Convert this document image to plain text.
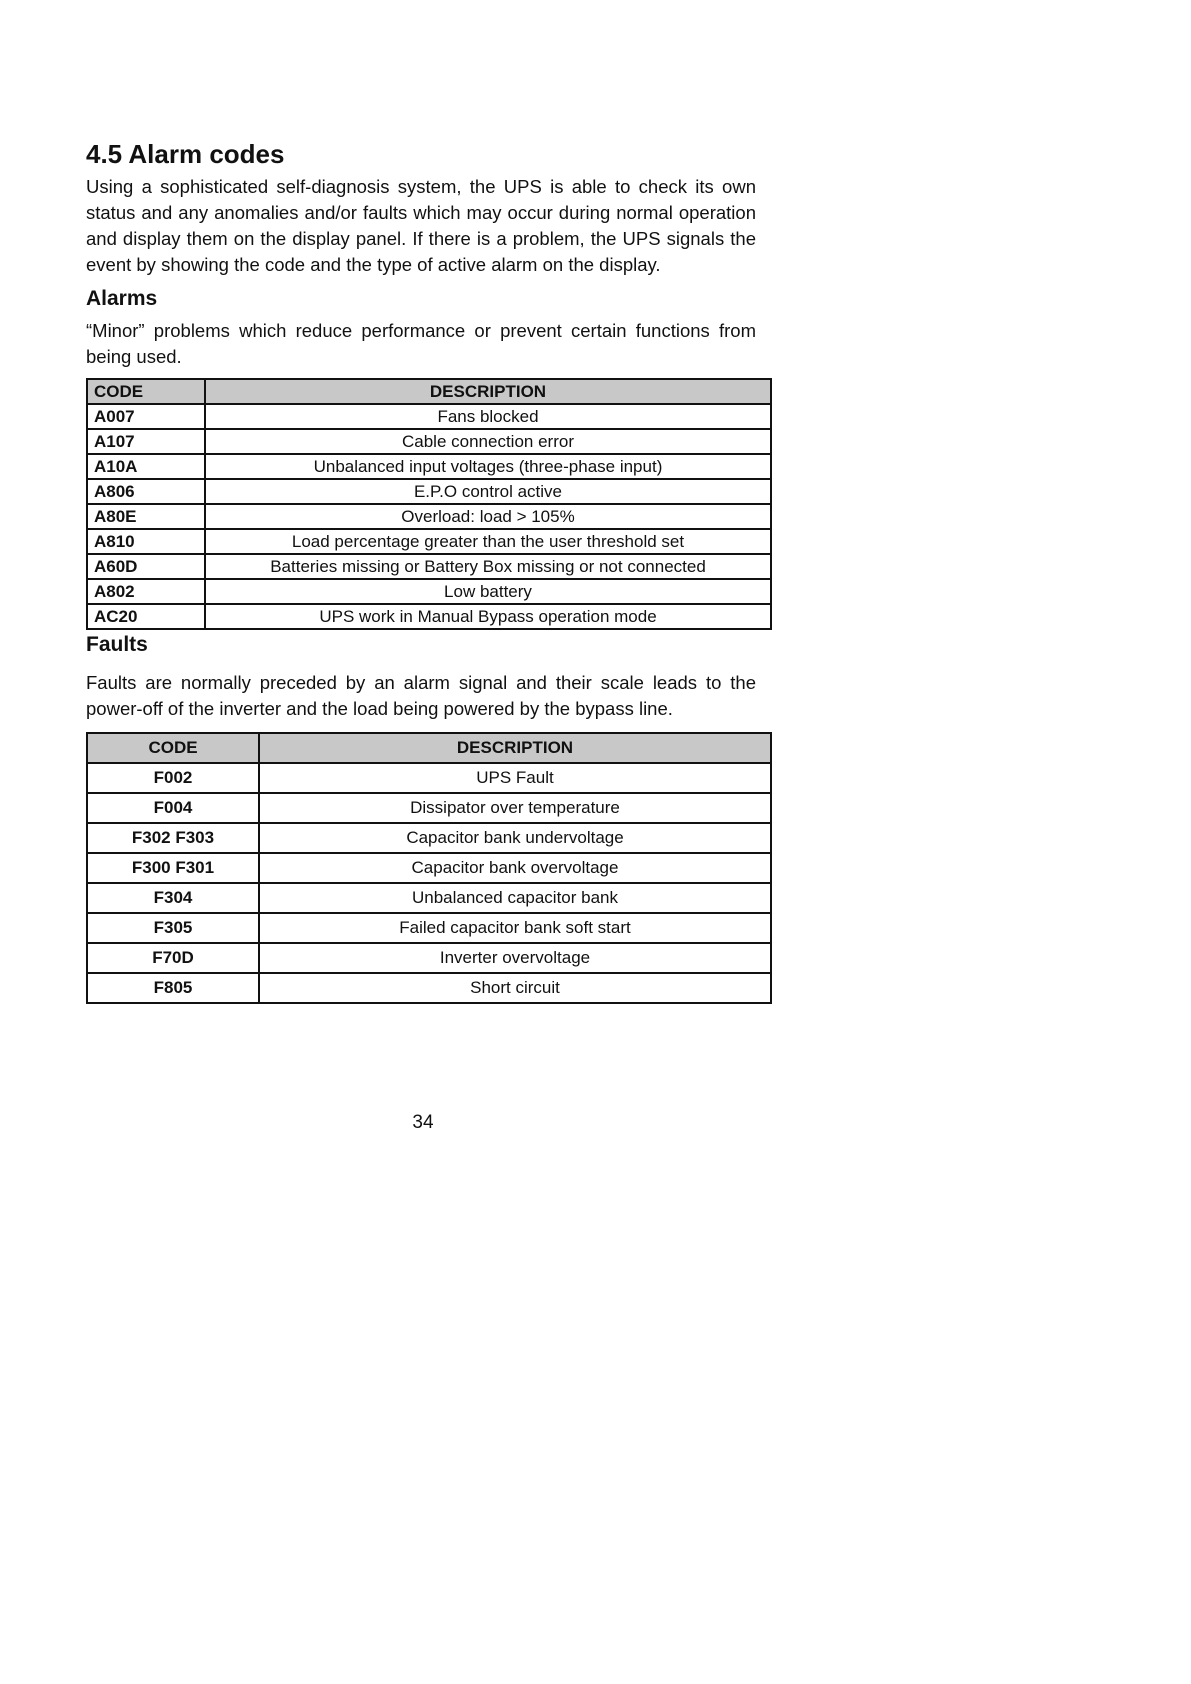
4.5 Alarm codes

Using a sophisticated self-diagnosis system, the UPS is able to check its own status and any anomalies and/or faults which may occur during normal operation and display them on the display panel. If there is a problem, the UPS signals the event by showing the code and the type of active alarm on the display.

Alarms

“Minor” problems which reduce performance or prevent certain functions from being used.

CODE	DESCRIPTION
A007	Fans blocked
A107	Cable connection error
A10A	Unbalanced input voltages (three-phase input)
A806	E.P.O control active
A80E	Overload: load > 105%
A810	Load percentage greater than the user threshold set
A60D	Batteries missing or Battery Box missing or not connected
A802	Low battery
AC20	UPS work in Manual Bypass operation mode
Faults

Faults are normally preceded by an alarm signal and their scale leads to the power-off of the inverter and the load being powered by the bypass line.

CODE	DESCRIPTION
F002	UPS Fault
F004	Dissipator over temperature
F302 F303	Capacitor bank undervoltage
F300 F301	Capacitor bank overvoltage
F304	Unbalanced capacitor bank
F305	Failed capacitor bank soft start
F70D	Inverter overvoltage
F805	Short circuit
34
